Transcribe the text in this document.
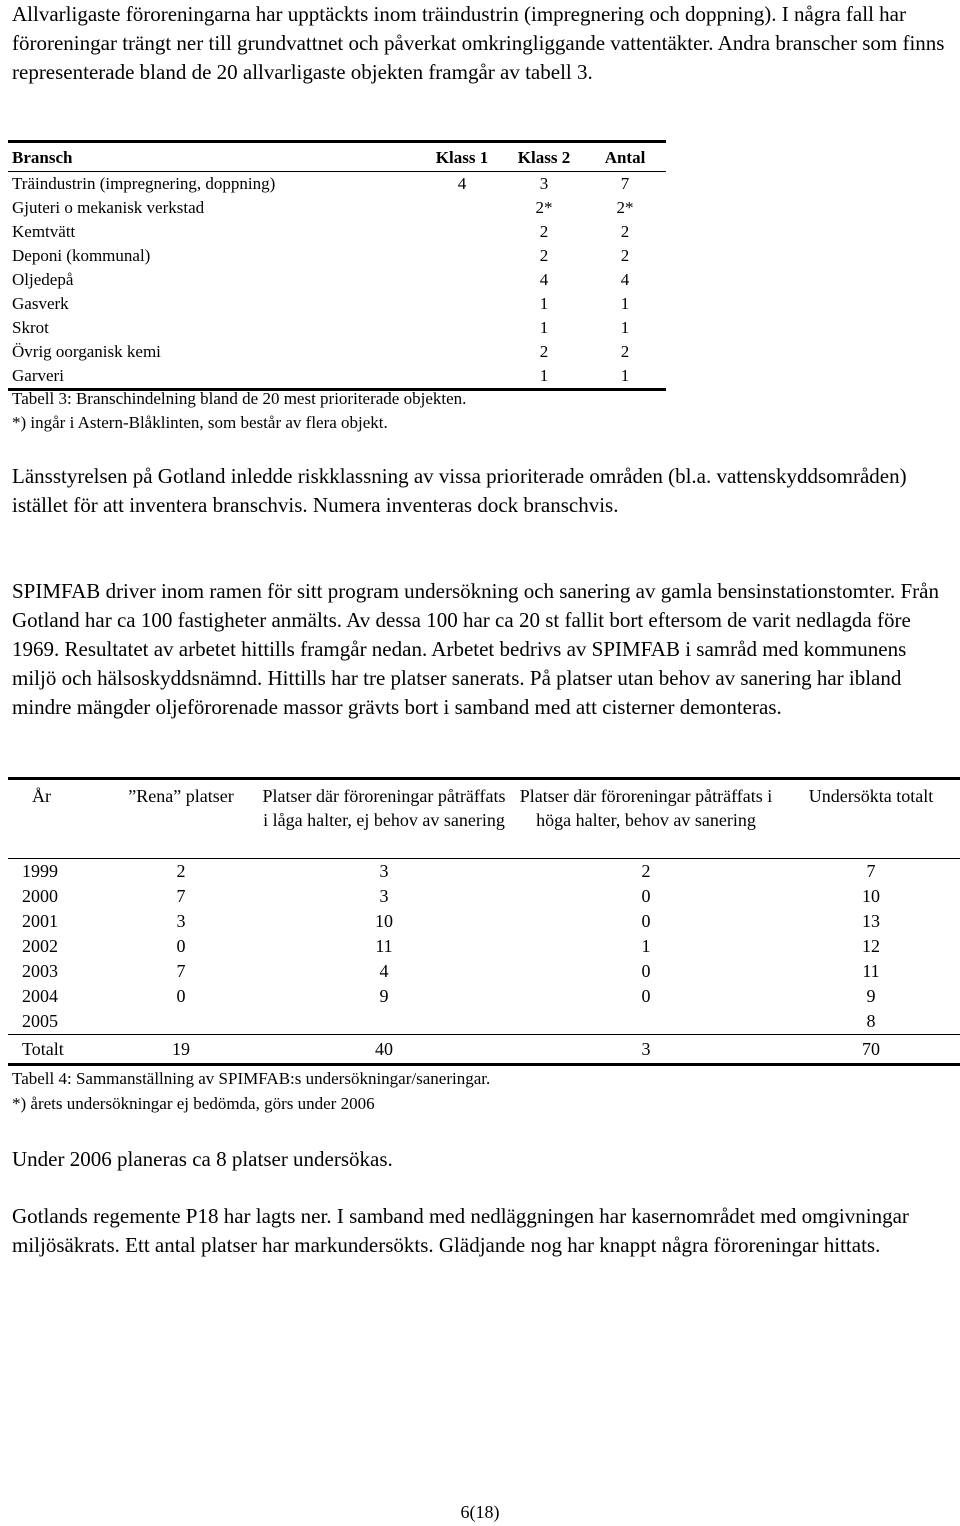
Allvarligaste föroreningarna har upptäckts inom träindustrin (impregnering och doppning). I några fall har föroreningar trängt ner till grundvattnet och påverkat omkringliggande vattentäkter. Andra branscher som finns representerade bland de 20 allvarligaste objekten framgår av tabell 3.

Bransch	Klass 1	Klass 2	Antal
Träindustrin (impregnering, doppning)	4	3	7
Gjuteri o mekanisk verkstad		2*	2*
Kemtvätt		2	2
Deponi (kommunal)		2	2
Oljedepå		4	4
Gasverk		1	1
Skrot		1	1
Övrig oorganisk kemi		2	2
Garveri		1	1

Tabell 3: Branschindelning bland de 20 mest prioriterade objekten.

*) ingår i Astern-Blåklinten, som består av flera objekt.

Länsstyrelsen på Gotland inledde riskklassning av vissa prioriterade områden (bl.a. vattenskyddsområden) istället för att inventera branschvis. Numera inventeras dock branschvis.

SPIMFAB driver inom ramen för sitt program undersökning och sanering av gamla bensinstationstomter. Från Gotland har ca 100 fastigheter anmälts. Av dessa 100 har ca 20 st fallit bort eftersom de varit nedlagda före 1969. Resultatet av arbetet hittills framgår nedan. Arbetet bedrivs av SPIMFAB i samråd med kommunens miljö och hälsoskyddsnämnd. Hittills har tre platser sanerats. På platser utan behov av sanering har ibland mindre mängder oljeförorenade massor grävts bort i samband med att cisterner demonteras.

År	”Rena” platser	Platser där föroreningar påträffats i låga halter, ej behov av sanering	Platser där föroreningar påträffats i höga halter, behov av sanering	Undersökta totalt
1999	2	3	2	7
2000	7	3	0	10
2001	3	10	0	13
2002	0	11	1	12
2003	7	4	0	11
2004	0	9	0	9
2005				8
Totalt	19	40	3	70

Tabell 4: Sammanställning av SPIMFAB:s undersökningar/saneringar.

*) årets undersökningar ej bedömda, görs under 2006

Under 2006 planeras ca 8 platser undersökas.

Gotlands regemente P18 har lagts ner. I samband med nedläggningen har kasernområdet med omgivningar miljösäkrats. Ett antal platser har markundersökts. Glädjande nog har knappt några föroreningar hittats.

6(18)
